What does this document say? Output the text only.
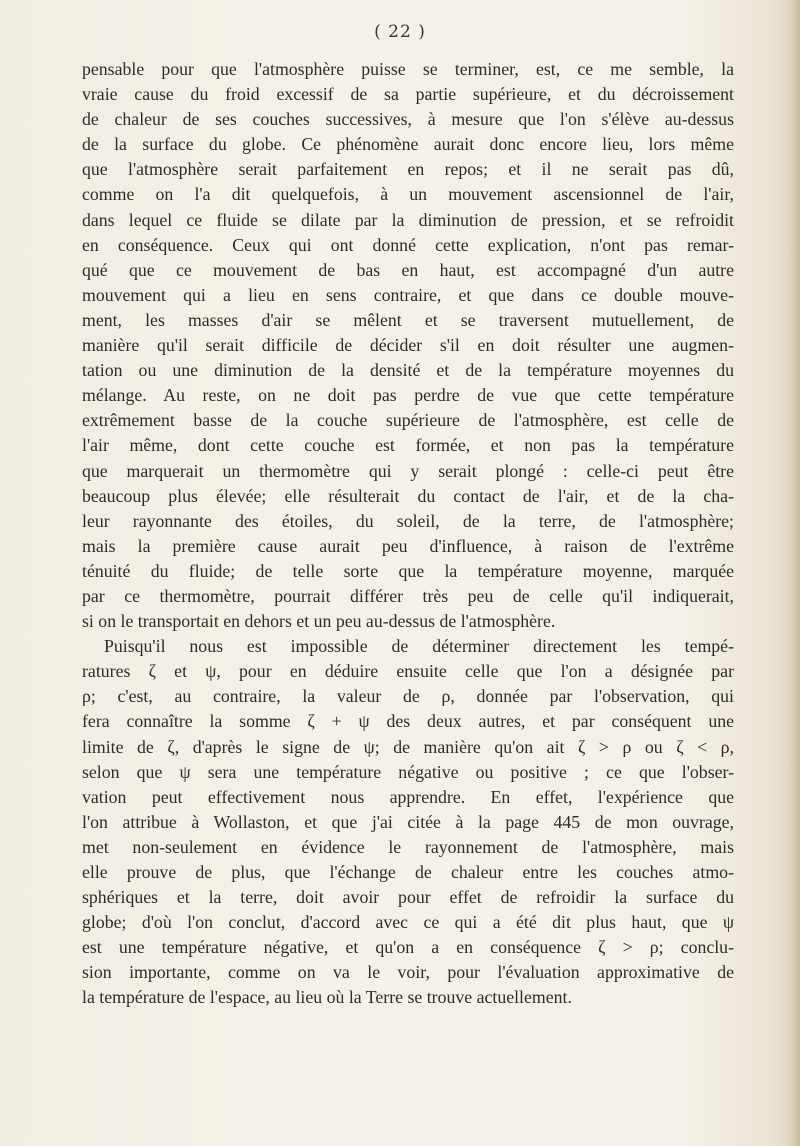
( 22 )
pensable pour que l'atmosphère puisse se terminer, est, ce me semble, la
vraie cause du froid excessif de sa partie supérieure, et du décroissement
de chaleur de ses couches successives, à mesure que l'on s'élève au-dessus
de la surface du globe. Ce phénomène aurait donc encore lieu, lors même
que l'atmosphère serait parfaitement en repos; et il ne serait pas dû,
comme on l'a dit quelquefois, à un mouvement ascensionnel de l'air,
dans lequel ce fluide se dilate par la diminution de pression, et se refroidit
en conséquence. Ceux qui ont donné cette explication, n'ont pas remar-
qué que ce mouvement de bas en haut, est accompagné d'un autre
mouvement qui a lieu en sens contraire, et que dans ce double mouve-
ment, les masses d'air se mêlent et se traversent mutuellement, de
manière qu'il serait difficile de décider s'il en doit résulter une augmen-
tation ou une diminution de la densité et de la température moyennes du
mélange. Au reste, on ne doit pas perdre de vue que cette température
extrêmement basse de la couche supérieure de l'atmosphère, est celle de
l'air même, dont cette couche est formée, et non pas la température
que marquerait un thermomètre qui y serait plongé : celle-ci peut être
beaucoup plus élevée; elle résulterait du contact de l'air, et de la cha-
leur rayonnante des étoiles, du soleil, de la terre, de l'atmosphère;
mais la première cause aurait peu d'influence, à raison de l'extrême
ténuité du fluide; de telle sorte que la température moyenne, marquée
par ce thermomètre, pourrait différer très peu de celle qu'il indiquerait,
si on le transportait en dehors et un peu au-dessus de l'atmosphère.
Puisqu'il nous est impossible de déterminer directement les tempé-
ratures ζ et ψ, pour en déduire ensuite celle que l'on a désignée par
ρ; c'est, au contraire, la valeur de ρ, donnée par l'observation, qui
fera connaître la somme ζ + ψ des deux autres, et par conséquent une
limite de ζ, d'après le signe de ψ; de manière qu'on ait ζ > ρ ou ζ < ρ,
selon que ψ sera une température négative ou positive ; ce que l'obser-
vation peut effectivement nous apprendre. En effet, l'expérience que
l'on attribue à Wollaston, et que j'ai citée à la page 445 de mon ouvrage,
met non-seulement en évidence le rayonnement de l'atmosphère, mais
elle prouve de plus, que l'échange de chaleur entre les couches atmo-
sphériques et la terre, doit avoir pour effet de refroidir la surface du
globe; d'où l'on conclut, d'accord avec ce qui a été dit plus haut, que ψ
est une température négative, et qu'on a en conséquence ζ > ρ; conclu-
sion importante, comme on va le voir, pour l'évaluation approximative de
la température de l'espace, au lieu où la Terre se trouve actuellement.
